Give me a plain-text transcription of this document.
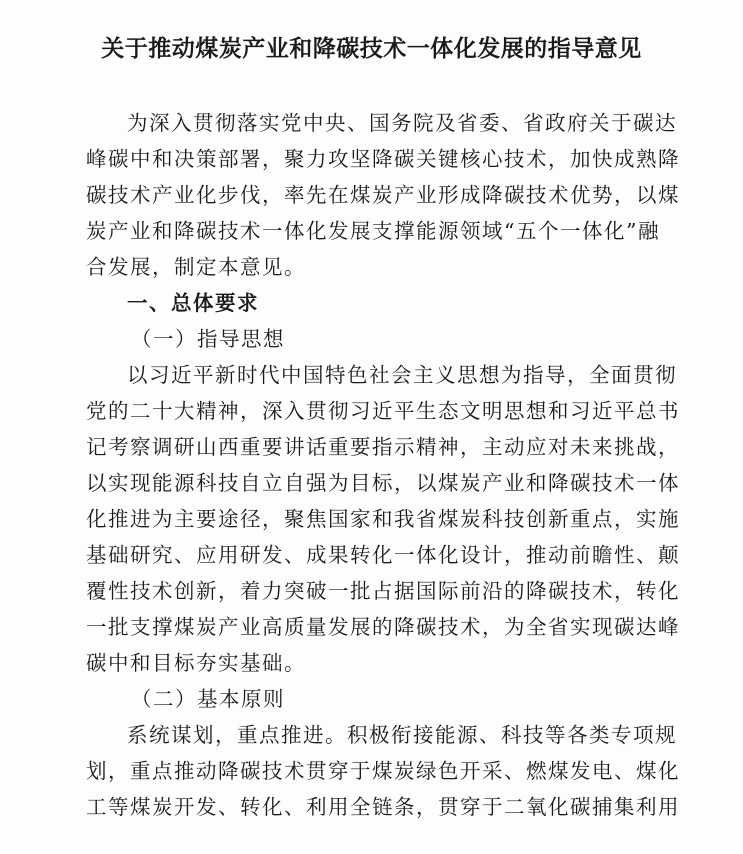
关于推动煤炭产业和降碳技术一体化发展的指导意见
为深入贯彻落实党中央、国务院及省委、省政府关于碳达
峰碳中和决策部署，聚力攻坚降碳关键核心技术，加快成熟降
碳技术产业化步伐，率先在煤炭产业形成降碳技术优势，以煤
炭产业和降碳技术一体化发展支撑能源领域“五个一体化”融
合发展，制定本意见。
一、总体要求
（一）指导思想
以习近平新时代中国特色社会主义思想为指导，全面贯彻
党的二十大精神，深入贯彻习近平生态文明思想和习近平总书
记考察调研山西重要讲话重要指示精神，主动应对未来挑战，
以实现能源科技自立自强为目标，以煤炭产业和降碳技术一体
化推进为主要途径，聚焦国家和我省煤炭科技创新重点，实施
基础研究、应用研发、成果转化一体化设计，推动前瞻性、颠
覆性技术创新，着力突破一批占据国际前沿的降碳技术，转化
一批支撑煤炭产业高质量发展的降碳技术，为全省实现碳达峰
碳中和目标夯实基础。
（二）基本原则
系统谋划，重点推进。积极衔接能源、科技等各类专项规
划，重点推动降碳技术贯穿于煤炭绿色开采、燃煤发电、煤化
工等煤炭开发、转化、利用全链条，贯穿于二氧化碳捕集利用
